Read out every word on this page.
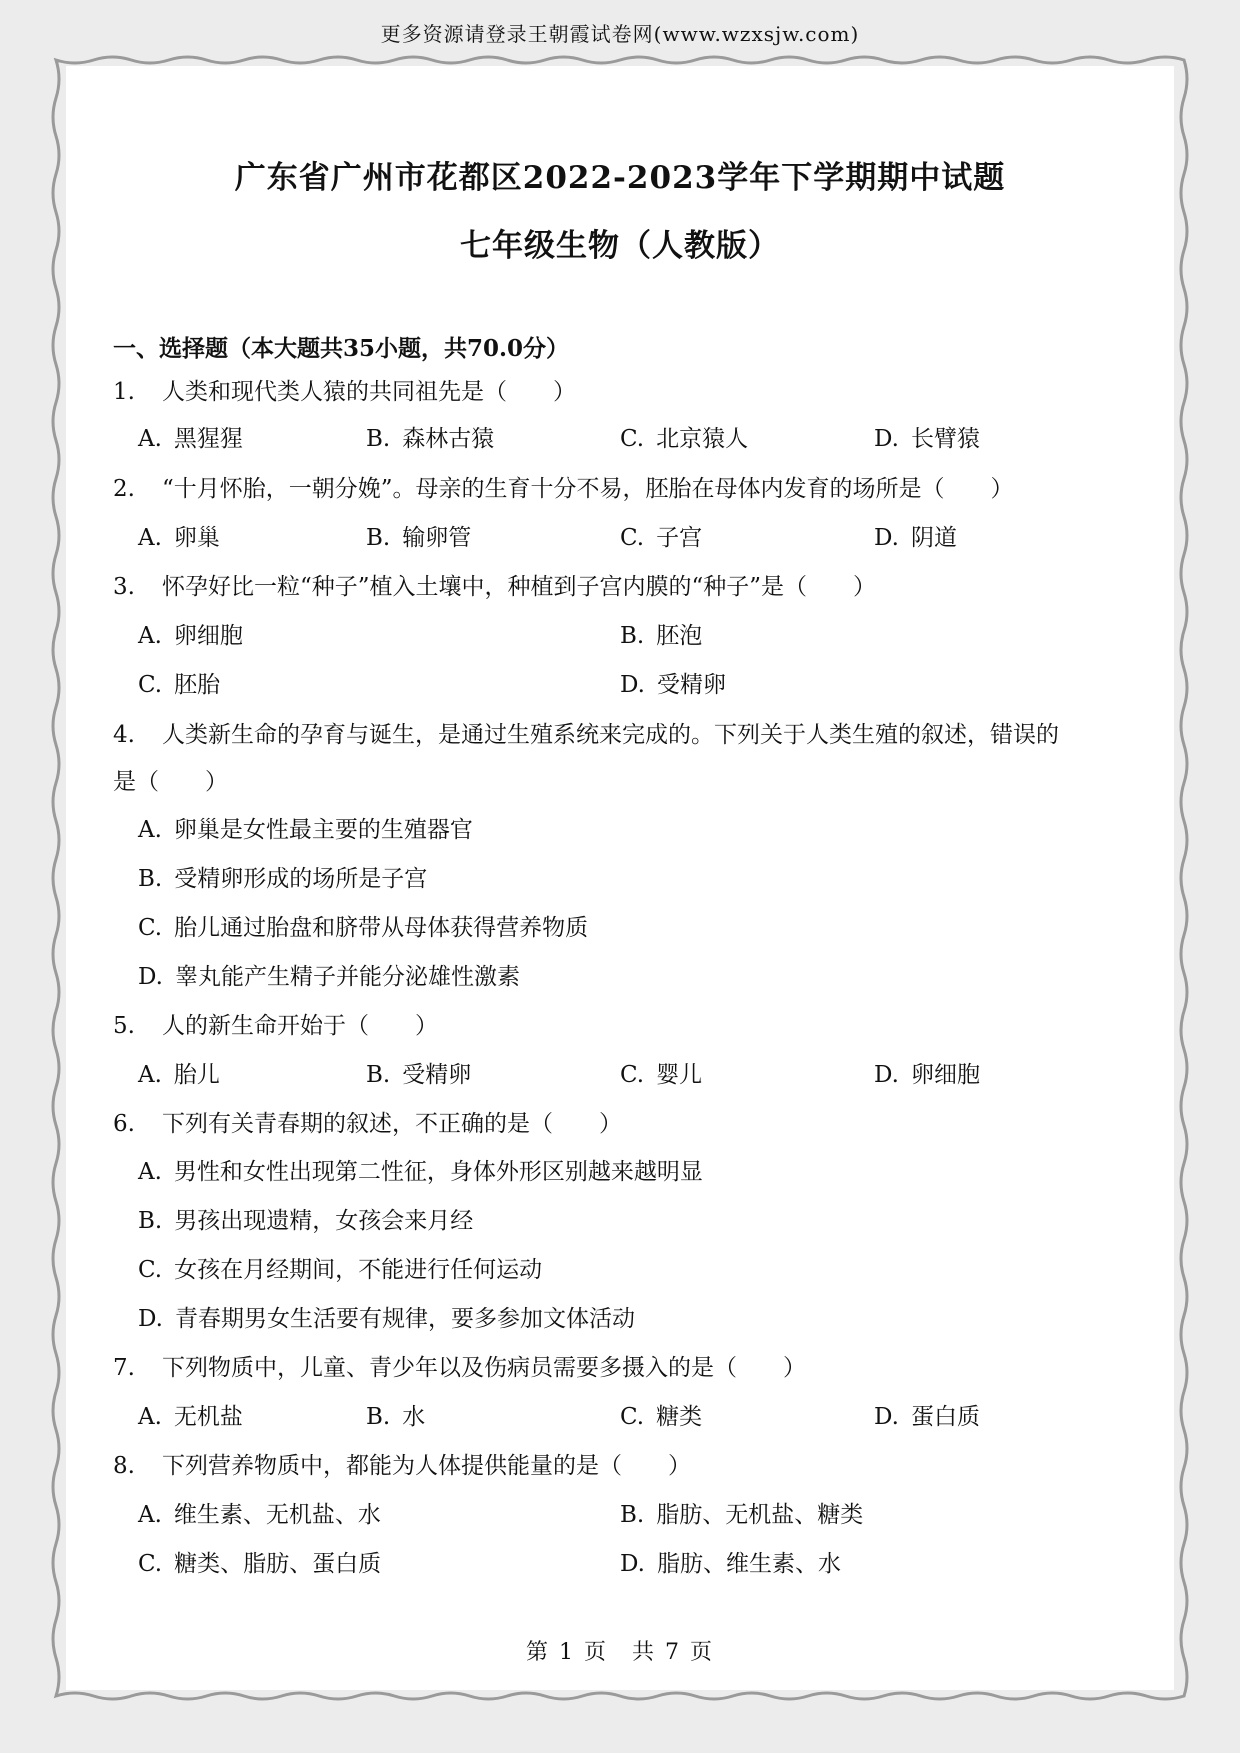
更多资源请登录王朝霞试卷网(www.wzxsjw.com)
广东省广州市花都区2022-2023学年下学期期中试题
七年级生物（人教版）
一、选择题（本大题共35小题，共70.0分）
1. 人类和现代类人猿的共同祖先是（　　）
A. 黑猩猩	B. 森林古猿	C. 北京猿人	D. 长臂猿
2. “十月怀胎，一朝分娩”。母亲的生育十分不易，胚胎在母体内发育的场所是（　　）
A. 卵巢	B. 输卵管	C. 子宫	D. 阴道
3. 怀孕好比一粒“种子”植入土壤中，种植到子宫内膜的“种子”是（　　）
A. 卵细胞	B. 胚泡
C. 胚胎	D. 受精卵
4. 人类新生命的孕育与诞生，是通过生殖系统来完成的。下列关于人类生殖的叙述，错误的
是（　　）
A. 卵巢是女性最主要的生殖器官
B. 受精卵形成的场所是子宫
C. 胎儿通过胎盘和脐带从母体获得营养物质
D. 睾丸能产生精子并能分泌雄性激素
5. 人的新生命开始于（　　）
A. 胎儿	B. 受精卵	C. 婴儿	D. 卵细胞
6. 下列有关青春期的叙述，不正确的是（　　）
A. 男性和女性出现第二性征，身体外形区别越来越明显
B. 男孩出现遗精，女孩会来月经
C. 女孩在月经期间，不能进行任何运动
D. 青春期男女生活要有规律，要多参加文体活动
7. 下列物质中，儿童、青少年以及伤病员需要多摄入的是（　　）
A. 无机盐	B. 水	C. 糖类	D. 蛋白质
8. 下列营养物质中，都能为人体提供能量的是（　　）
A. 维生素、无机盐、水	B. 脂肪、无机盐、糖类
C. 糖类、脂肪、蛋白质	D. 脂肪、维生素、水
第 1 页　共 7 页
